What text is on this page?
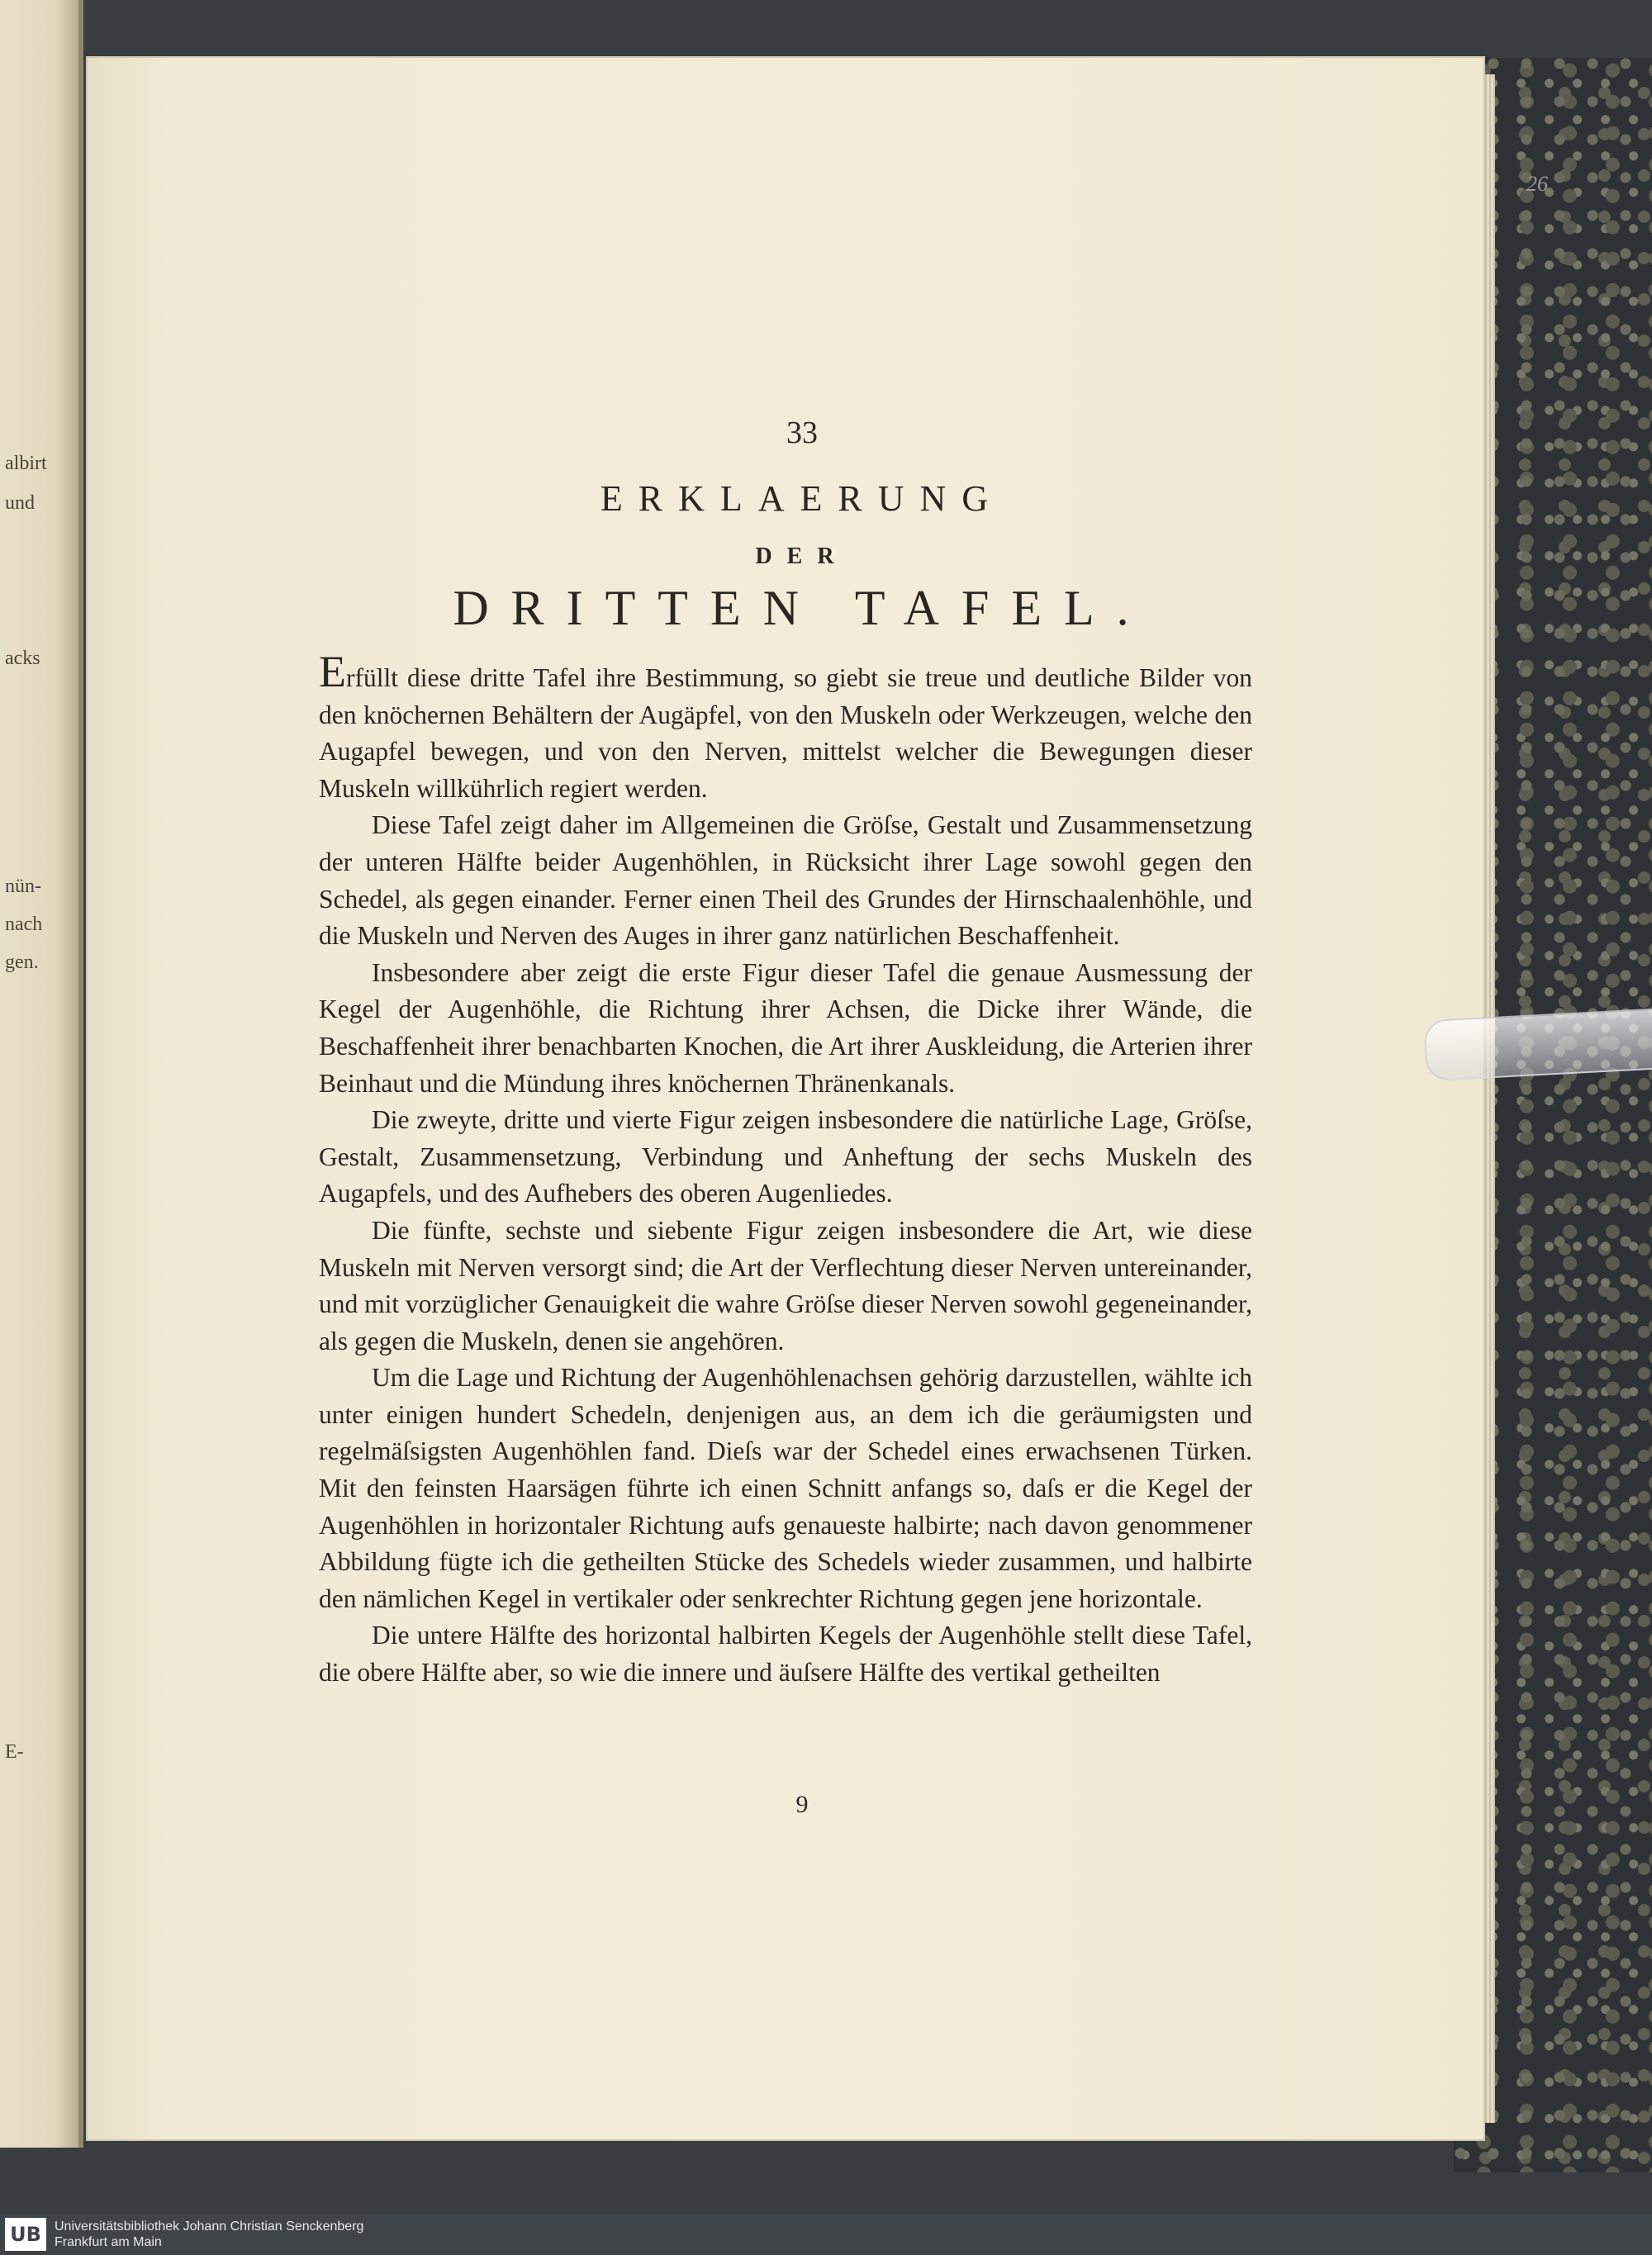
albirt
und
acks
nün-
nach
gen.
E-
26
33
ERKLAERUNG
DER
DRITTEN TAFEL.

Erfüllt diese dritte Tafel ihre Bestimmung, so giebt sie treue und deutliche Bilder von den knöchernen Behältern der Augäpfel, von den Muskeln oder Werkzeugen, welche den Augapfel bewegen, und von den Nerven, mittelst welcher die Bewegungen dieser Muskeln willkührlich regiert werden.

Diese Tafel zeigt daher im Allgemeinen die Gröſse, Gestalt und Zusammensetzung der unteren Hälfte beider Augenhöhlen, in Rücksicht ihrer Lage sowohl gegen den Schedel, als gegen einander. Ferner einen Theil des Grundes der Hirnschaalenhöhle, und die Muskeln und Nerven des Auges in ihrer ganz natürlichen Beschaffenheit.

Insbesondere aber zeigt die erste Figur dieser Tafel die genaue Ausmessung der Kegel der Augenhöhle, die Richtung ihrer Achsen, die Dicke ihrer Wände, die Beschaffenheit ihrer benachbarten Knochen, die Art ihrer Auskleidung, die Arterien ihrer Beinhaut und die Mündung ihres knöchernen Thränenkanals.

Die zweyte, dritte und vierte Figur zeigen insbesondere die natürliche Lage, Gröſse, Gestalt, Zusammensetzung, Verbindung und Anheftung der sechs Muskeln des Augapfels, und des Aufhebers des oberen Augenliedes.

Die fünfte, sechste und siebente Figur zeigen insbesondere die Art, wie diese Muskeln mit Nerven versorgt sind; die Art der Verflechtung dieser Nerven untereinander, und mit vorzüglicher Genauigkeit die wahre Gröſse dieser Nerven sowohl gegeneinander, als gegen die Muskeln, denen sie angehören.

Um die Lage und Richtung der Augenhöhlenachsen gehörig darzustellen, wählte ich unter einigen hundert Schedeln, denjenigen aus, an dem ich die geräumigsten und regelmäſsigsten Augenhöhlen fand. Dieſs war der Schedel eines erwachsenen Türken. Mit den feinsten Haarsägen führte ich einen Schnitt anfangs so, daſs er die Kegel der Augenhöhlen in horizontaler Richtung aufs genaueste halbirte; nach davon genommener Abbildung fügte ich die getheilten Stücke des Schedels wieder zusammen, und halbirte den nämlichen Kegel in vertikaler oder senkrechter Richtung gegen jene horizontale.

Die untere Hälfte des horizontal halbirten Kegels der Augenhöhle stellt diese Tafel, die obere Hälfte aber, so wie die innere und äuſsere Hälfte des vertikal getheilten

9
UB	Universitätsbibliothek Johann Christian Senckenberg
Frankfurt am Main
